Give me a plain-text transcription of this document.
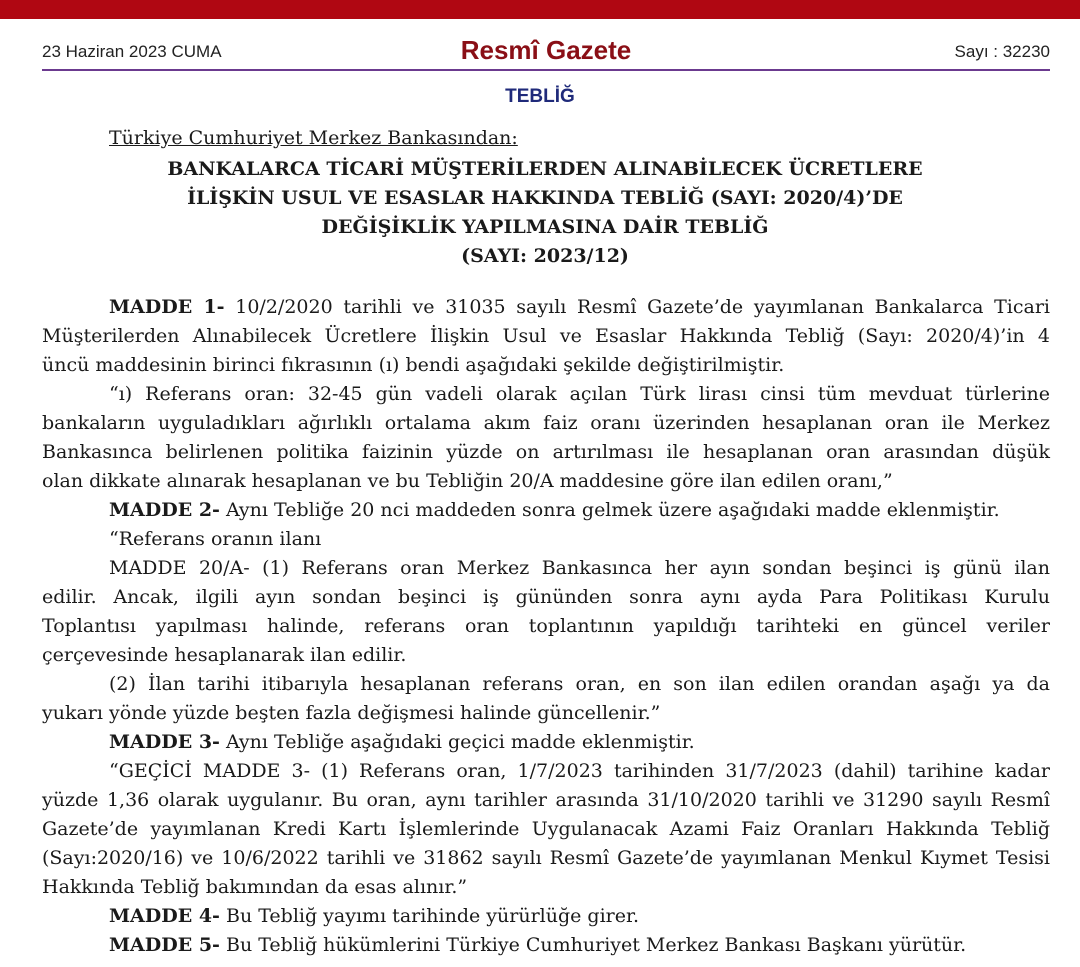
23 Haziran 2023 CUMA	Resmî Gazete	Sayı : 32230
TEBLİĞ
Türkiye Cumhuriyet Merkez Bankasından:
BANKALARCA TİCARİ MÜŞTERİLERDEN ALINABİLECEK ÜCRETLERE
İLİŞKİN USUL VE ESASLAR HAKKINDA TEBLİĞ (SAYI: 2020/4)’DE
DEĞİŞİKLİK YAPILMASINA DAİR TEBLİĞ
(SAYI: 2023/12)
MADDE 1- 10/2/2020 tarihli ve 31035 sayılı Resmî Gazete’de yayımlanan Bankalarca Ticari
Müşterilerden Alınabilecek Ücretlere İlişkin Usul ve Esaslar Hakkında Tebliğ (Sayı: 2020/4)’in 4
üncü maddesinin birinci fıkrasının (ı) bendi aşağıdaki şekilde değiştirilmiştir.
“ı) Referans oran: 32-45 gün vadeli olarak açılan Türk lirası cinsi tüm mevduat türlerine
bankaların uyguladıkları ağırlıklı ortalama akım faiz oranı üzerinden hesaplanan oran ile Merkez
Bankasınca belirlenen politika faizinin yüzde on artırılması ile hesaplanan oran arasından düşük
olan dikkate alınarak hesaplanan ve bu Tebliğin 20/A maddesine göre ilan edilen oranı,”
MADDE 2- Aynı Tebliğe 20 nci maddeden sonra gelmek üzere aşağıdaki madde eklenmiştir.
“Referans oranın ilanı
MADDE 20/A- (1) Referans oran Merkez Bankasınca her ayın sondan beşinci iş günü ilan
edilir. Ancak, ilgili ayın sondan beşinci iş gününden sonra aynı ayda Para Politikası Kurulu
Toplantısı yapılması halinde, referans oran toplantının yapıldığı tarihteki en güncel veriler
çerçevesinde hesaplanarak ilan edilir.
(2) İlan tarihi itibarıyla hesaplanan referans oran, en son ilan edilen orandan aşağı ya da
yukarı yönde yüzde beşten fazla değişmesi halinde güncellenir.”
MADDE 3- Aynı Tebliğe aşağıdaki geçici madde eklenmiştir.
“GEÇİCİ MADDE 3- (1) Referans oran, 1/7/2023 tarihinden 31/7/2023 (dahil) tarihine kadar
yüzde 1,36 olarak uygulanır. Bu oran, aynı tarihler arasında 31/10/2020 tarihli ve 31290 sayılı Resmî
Gazete’de yayımlanan Kredi Kartı İşlemlerinde Uygulanacak Azami Faiz Oranları Hakkında Tebliğ
(Sayı:2020/16) ve 10/6/2022 tarihli ve 31862 sayılı Resmî Gazete’de yayımlanan Menkul Kıymet Tesisi
Hakkında Tebliğ bakımından da esas alınır.”
MADDE 4- Bu Tebliğ yayımı tarihinde yürürlüğe girer.
MADDE 5- Bu Tebliğ hükümlerini Türkiye Cumhuriyet Merkez Bankası Başkanı yürütür.
